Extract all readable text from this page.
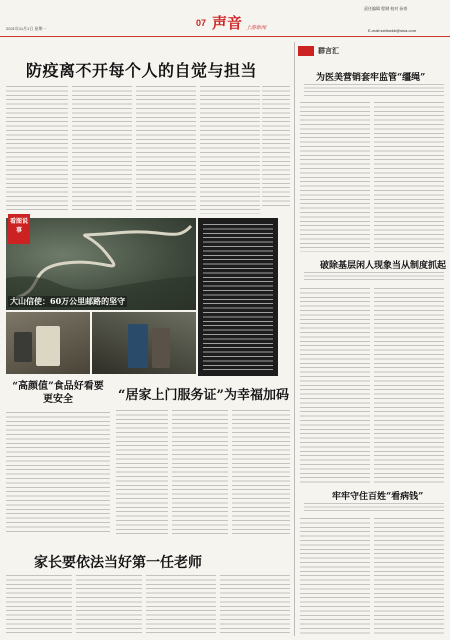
2021年11月1日 星期一
07 声音 上游新闻
责任编辑 程钢 校对 孙豪
E-mail:sxbbwkb@sina.com
防疫离不开每个人的自觉与担当
看图说事
大山信使：60万公里邮路的坚守
“高颜值”食品好看要更安全	“居家上门服务证”为幸福加码
家长要依法当好第一任老师
群言汇
为医美营销套牢监管“缰绳”
破除基层闲人现象当从制度抓起
牢牢守住百姓“看病钱”
